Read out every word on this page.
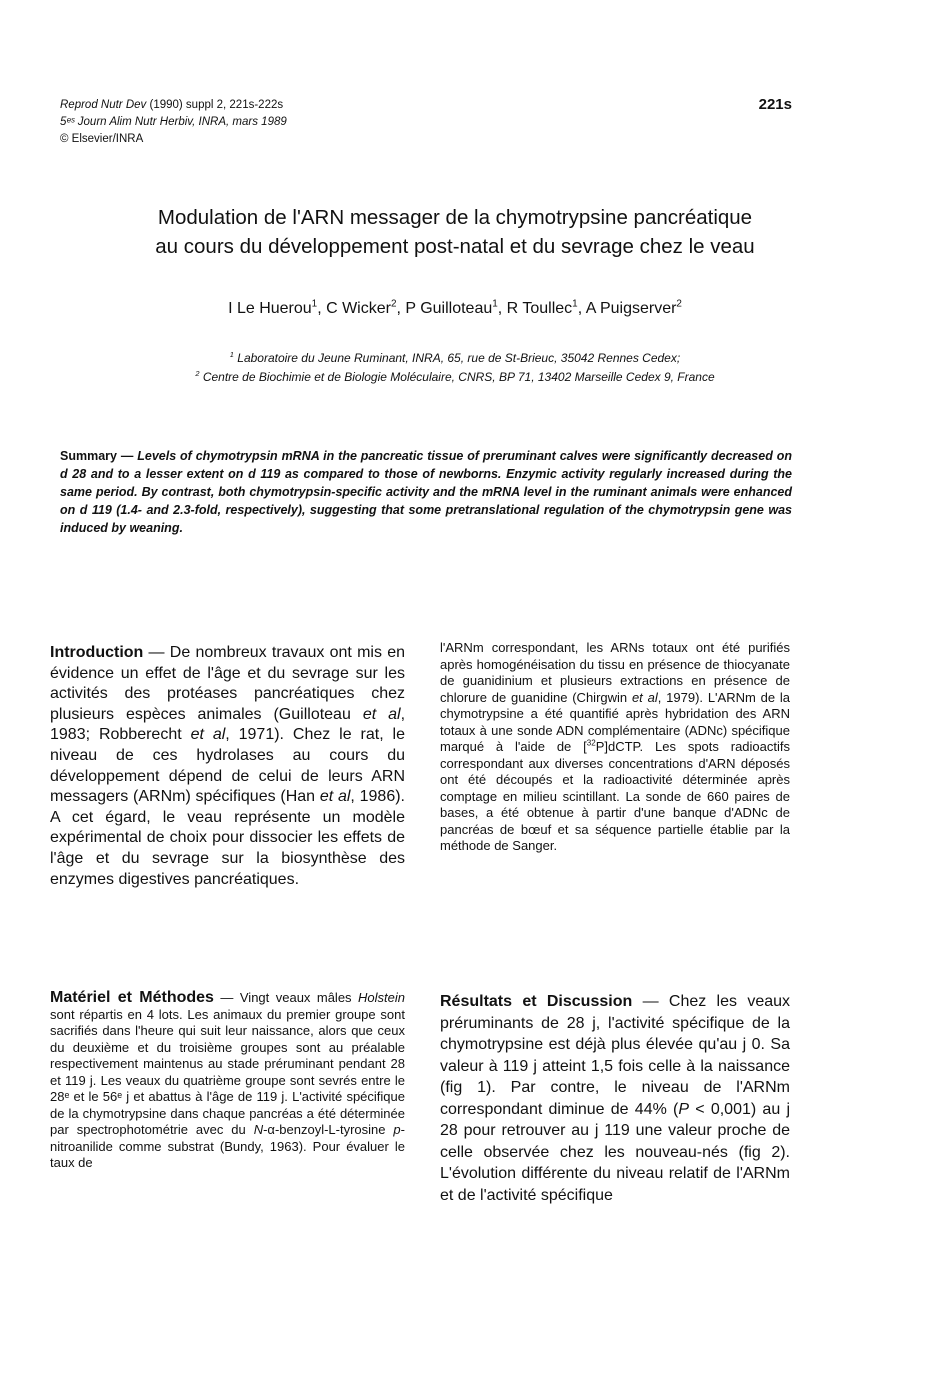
Reprod Nutr Dev (1990) suppl 2, 221s-222s
5ᵉˢ Journ Alim Nutr Herbiv, INRA, mars 1989
© Elsevier/INRA
221s
Modulation de l'ARN messager de la chymotrypsine pancréatique
au cours du développement post-natal et du sevrage chez le veau
I Le Huerou$^1$, C Wicker$^2$, P Guilloteau$^1$, R Toullec$^1$, A Puigserver$^2$
$^1$ Laboratoire du Jeune Ruminant, INRA, 65, rue de St-Brieuc, 35042 Rennes Cedex;
$^2$ Centre de Biochimie et de Biologie Moléculaire, CNRS, BP 71, 13402 Marseille Cedex 9, France
Summary — Levels of chymotrypsin mRNA in the pancreatic tissue of preruminant calves were significantly decreased on d 28 and to a lesser extent on d 119 as compared to those of newborns. Enzymic activity regularly increased during the same period. By contrast, both chymotrypsin-specific activity and the mRNA level in the ruminant animals were enhanced on d 119 (1.4- and 2.3-fold, respectively), suggesting that some pretranslational regulation of the chymotrypsin gene was induced by weaning.
Introduction — De nombreux travaux ont mis en évidence un effet de l'âge et du sevrage sur les activités des protéases pancréatiques chez plusieurs espèces animales (Guilloteau et al, 1983; Robberecht et al, 1971). Chez le rat, le niveau de ces hydrolases au cours du développement dépend de celui de leurs ARN messagers (ARNm) spécifiques (Han et al, 1986). A cet égard, le veau représente un modèle expérimental de choix pour dissocier les effets de l'âge et du sevrage sur la biosynthèse des enzymes digestives pancréatiques.
Matériel et Méthodes — Vingt veaux mâles Holstein sont répartis en 4 lots. Les animaux du premier groupe sont sacrifiés dans l'heure qui suit leur naissance, alors que ceux du deuxième et du troisième groupes sont au préalable respectivement maintenus au stade préruminant pendant 28 et 119 j. Les veaux du quatrième groupe sont sevrés entre le 28ᵉ et le 56ᵉ j et abattus à l'âge de 119 j. L'activité spécifique de la chymotrypsine dans chaque pancréas a été déterminée par spectrophotométrie avec du N-α-benzoyl-L-tyrosine p-nitroanilide comme substrat (Bundy, 1963). Pour évaluer le taux de
l'ARNm correspondant, les ARNs totaux ont été purifiés après homogénéisation du tissu en présence de thiocyanate de guanidinium et plusieurs extractions en présence de chlorure de guanidine (Chirgwin et al, 1979). L'ARNm de la chymotrypsine a été quantifié après hybridation des ARN totaux à une sonde ADN complémentaire (ADNc) spécifique marqué à l'aide de [$^{32}$P]dCTP. Les spots radioactifs correspondant aux diverses concentrations d'ARN déposés ont été découpés et la radioactivité déterminée après comptage en milieu scintillant. La sonde de 660 paires de bases, a été obtenue à partir d'une banque d'ADNc de pancréas de bœuf et sa séquence partielle établie par la méthode de Sanger.
Résultats et Discussion — Chez les veaux préruminants de 28 j, l'activité spécifique de la chymotrypsine est déjà plus élevée qu'au j 0. Sa valeur à 119 j atteint 1,5 fois celle à la naissance (fig 1). Par contre, le niveau de l'ARNm correspondant diminue de 44% (P < 0,001) au j 28 pour retrouver au j 119 une valeur proche de celle observée chez les nouveau-nés (fig 2). L'évolution différente du niveau relatif de l'ARNm et de l'activité spécifique
